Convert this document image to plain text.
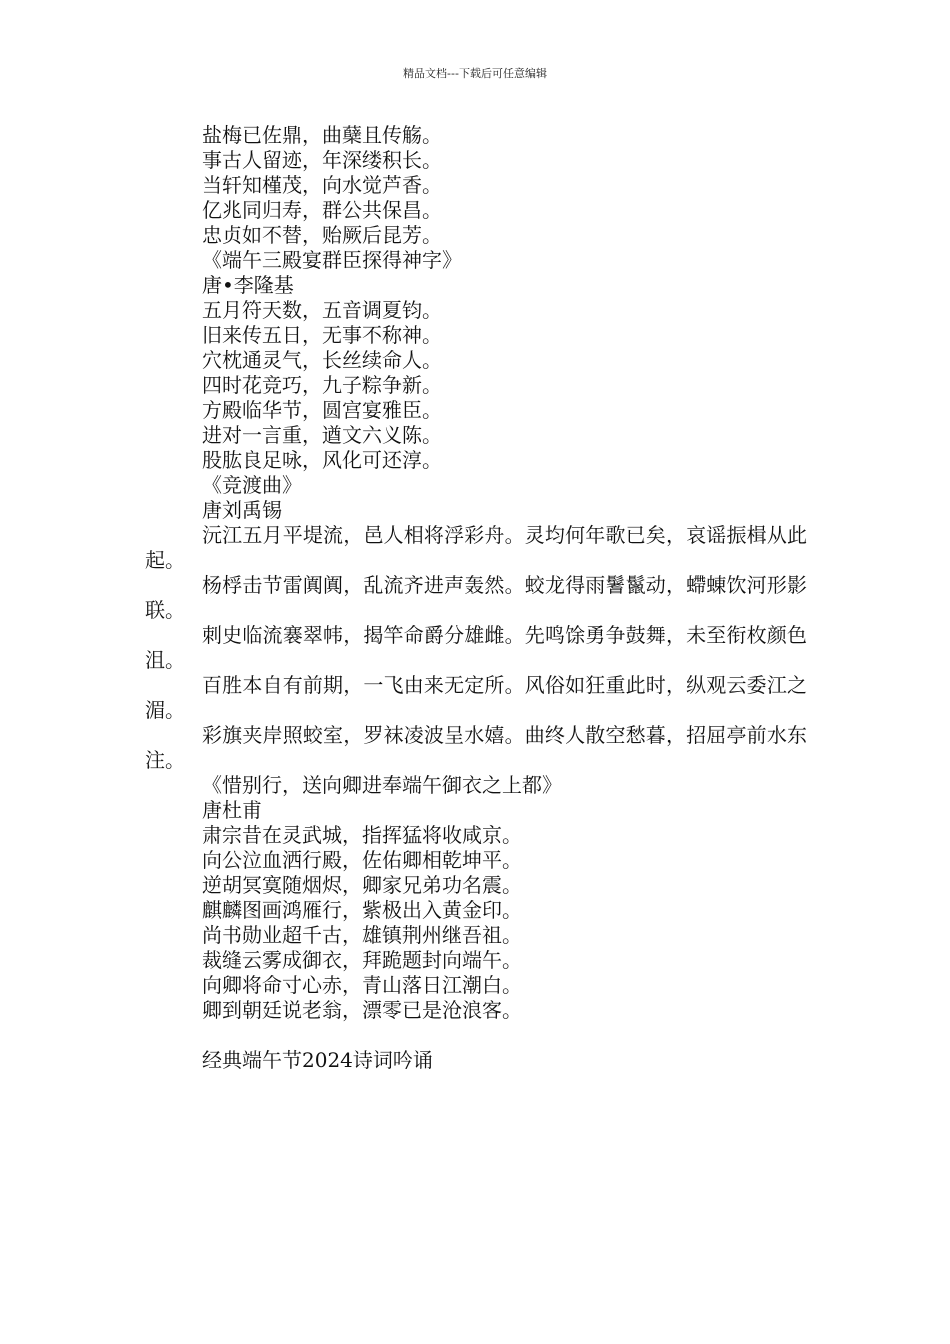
精品文档---下载后可任意编辑
盐梅已佐鼎，曲蘖且传觞。
事古人留迹，年深缕积长。
当轩知槿茂，向水觉芦香。
亿兆同归寿，群公共保昌。
忠贞如不替，贻厥后昆芳。
《端午三殿宴群臣探得神字》
唐•李隆基
五月符天数，五音调夏钧。
旧来传五日，无事不称神。
穴枕通灵气，长丝续命人。
四时花竞巧，九子粽争新。
方殿临华节，圆宫宴雅臣。
进对一言重，遒文六义陈。
股肱良足咏，风化可还淳。
《竞渡曲》
唐刘禹锡
沅江五月平堤流，邑人相将浮彩舟。灵均何年歌已矣，哀谣振楫从此起。
杨桴击节雷阗阗，乱流齐进声轰然。蛟龙得雨鬐鬣动，螮蝀饮河形影联。
刺史临流褰翠帏，揭竿命爵分雄雌。先鸣馀勇争鼓舞，未至衔枚颜色沮。
百胜本自有前期，一飞由来无定所。风俗如狂重此时，纵观云委江之湄。
彩旗夹岸照蛟室，罗袜凌波呈水嬉。曲终人散空愁暮，招屈亭前水东注。
《惜别行，送向卿进奉端午御衣之上都》
唐杜甫
肃宗昔在灵武城，指挥猛将收咸京。
向公泣血洒行殿，佐佑卿相乾坤平。
逆胡冥寞随烟烬，卿家兄弟功名震。
麒麟图画鸿雁行，紫极出入黄金印。
尚书勋业超千古，雄镇荆州继吾祖。
裁缝云雾成御衣，拜跪题封向端午。
向卿将命寸心赤，青山落日江潮白。
卿到朝廷说老翁，漂零已是沧浪客。
经典端午节2024诗词吟诵
